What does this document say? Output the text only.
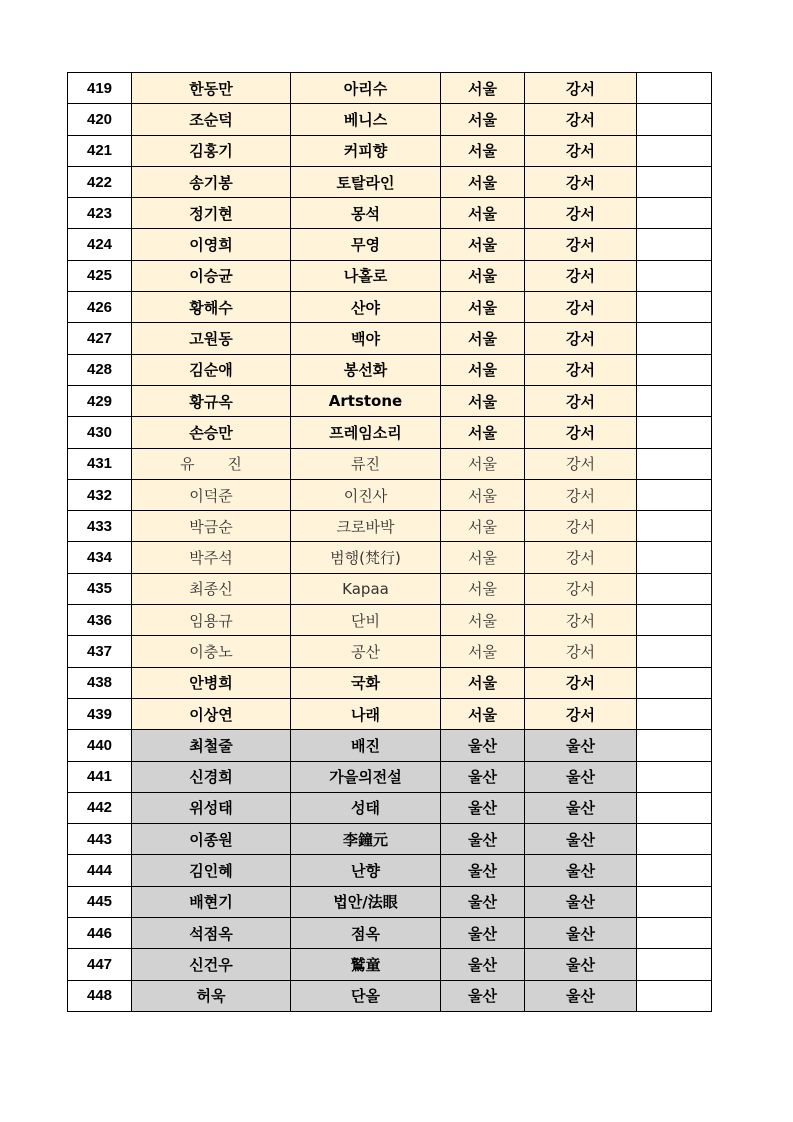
419	한동만	아리수	서울	강서	
420	조순덕	베니스	서울	강서	
421	김홍기	커피향	서울	강서	
422	송기봉	토탈라인	서울	강서	
423	정기현	몽석	서울	강서	
424	이영희	무영	서울	강서	
425	이승균	나홀로	서울	강서	
426	황해수	산야	서울	강서	
427	고원동	백야	서울	강서	
428	김순애	봉선화	서울	강서	
429	황규옥	Artstone	서울	강서	
430	손승만	프레임소리	서울	강서	
431	유 진	류진	서울	강서	
432	이덕준	이진사	서울	강서	
433	박금순	크로바박	서울	강서	
434	박주석	범행(梵行)	서울	강서	
435	최종신	Kapaa	서울	강서	
436	임용규	단비	서울	강서	
437	이충노	공산	서울	강서	
438	안병희	국화	서울	강서	
439	이상연	나래	서울	강서	
440	최철줄	배진	울산	울산	
441	신경희	가을의전설	울산	울산	
442	위성태	성태	울산	울산	
443	이종원	李鐘元	울산	울산	
444	김인혜	난향	울산	울산	
445	배현기	법안/法眼	울산	울산	
446	석점옥	점옥	울산	울산	
447	신건우	鷲童	울산	울산	
448	허욱	단올	울산	울산	
